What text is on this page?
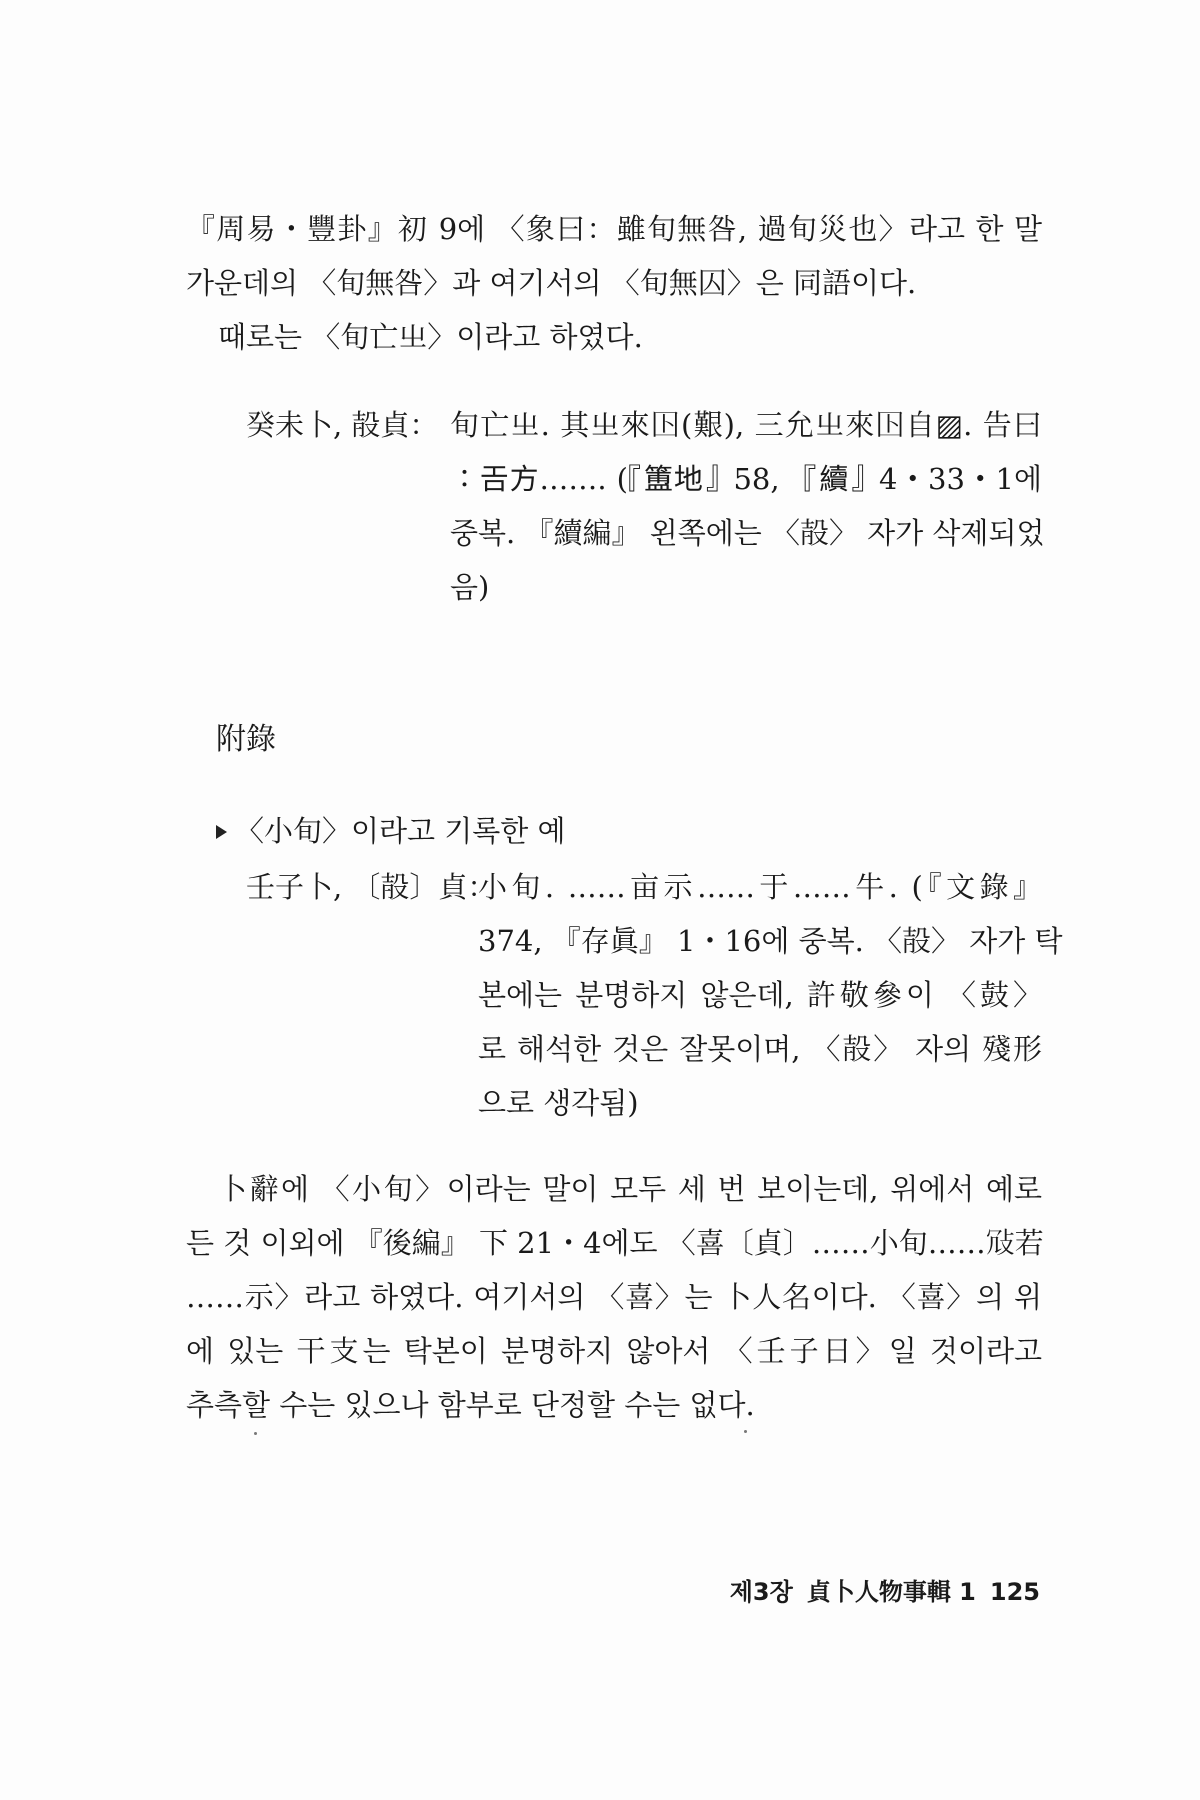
『周易・豐卦』初 9에 〈象曰：雖旬無咎, 過旬災也〉라고 한 말
가운데의 〈旬無咎〉과 여기서의 〈旬無囚〉은 同語이다.
때로는 〈旬亡㞢〉이라고 하였다.
癸未卜, 㱿貞： 旬亡㞢. 其㞢來𡆥(艱), 三允㞢來𡆥自▨. 告曰
：𢀛方……. (『簠地』58, 『續』4・33・1에
중복. 『續編』 왼쪽에는 〈㱿〉 자가 삭제되었
음)
附錄
〈小旬〉이라고 기록한 예
壬子卜, 〔㱿〕貞：
小旬. ……亩示……于……牛. (『文錄』
374, 『存眞』 1・16에 중복. 〈㱿〉 자가 탁
본에는 분명하지 않은데, 許敬參이 〈鼓〉
로 해석한 것은 잘못이며, 〈㱿〉 자의 殘形
으로 생각됨)
卜辭에 〈小旬〉이라는 말이 모두 세 번 보이는데, 위에서 예로
든 것 이외에 『後編』 下 21・4에도 〈喜〔貞〕……小旬……𢼀若
……示〉라고 하였다. 여기서의 〈喜〉는 卜人名이다. 〈喜〉의 위
에 있는 干支는 탁본이 분명하지 않아서 〈壬子日〉일 것이라고
추측할 수는 있으나 함부로 단정할 수는 없다.
제3장 貞卜人物事輯 1 125
